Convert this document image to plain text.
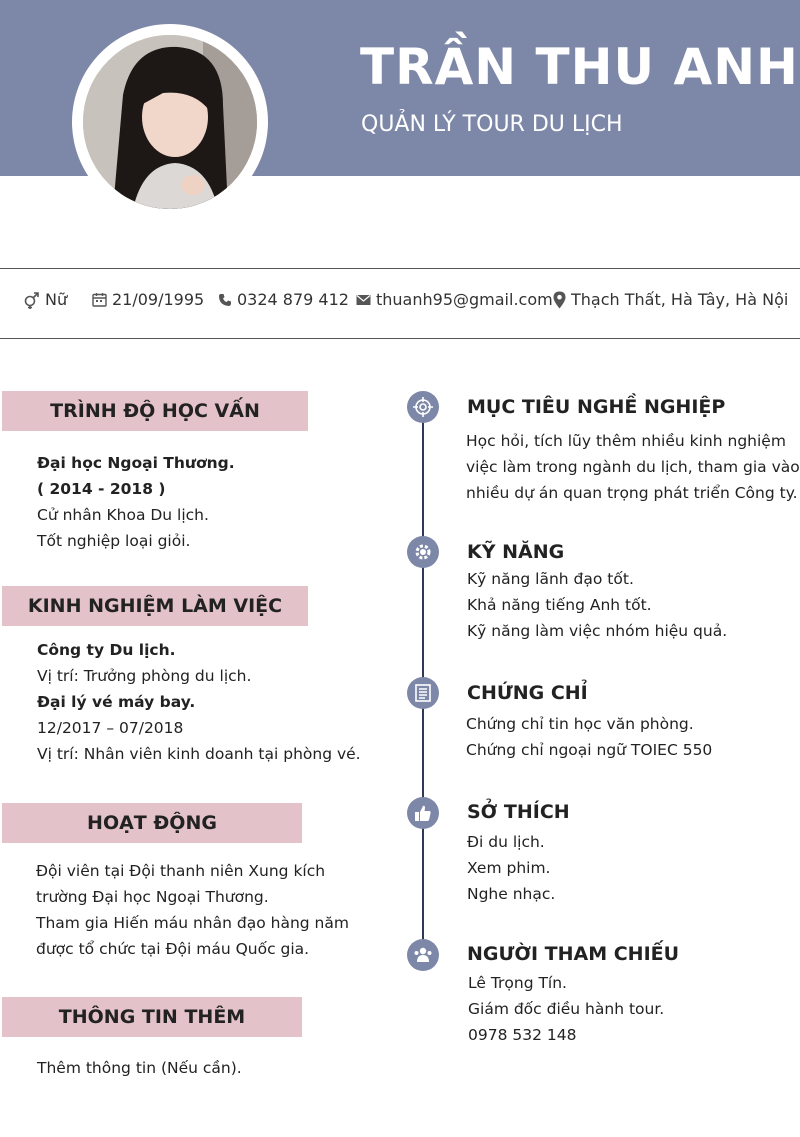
TRẦN THU ANH
QUẢN LÝ TOUR DU LỊCH
Nữ	21/09/1995 0324 879 412 thuanh95@gmail.com Thạch Thất, Hà Tây, Hà Nội
TRÌNH ĐỘ HỌC VẤN
Đại học Ngoại Thương.
( 2014 - 2018 )
Cử nhân Khoa Du lịch.
Tốt nghiệp loại giỏi.
KINH NGHIỆM LÀM VIỆC
Công ty Du lịch.
Vị trí: Trưởng phòng du lịch.
Đại lý vé máy bay.
12/2017 – 07/2018
Vị trí: Nhân viên kinh doanh tại phòng vé.
HOẠT ĐỘNG
Đội viên tại Đội thanh niên Xung kích
trường Đại học Ngoại Thương.
Tham gia Hiến máu nhân đạo hàng năm
được tổ chức tại Đội máu Quốc gia.
THÔNG TIN THÊM
Thêm thông tin (Nếu cần).
MỤC TIÊU NGHỀ NGHIỆP
Học hỏi, tích lũy thêm nhiều kinh nghiệm
việc làm trong ngành du lịch, tham gia vào
nhiều dự án quan trọng phát triển Công ty.
KỸ NĂNG
Kỹ năng lãnh đạo tốt.
Khả năng tiếng Anh tốt.
Kỹ năng làm việc nhóm hiệu quả.
CHỨNG CHỈ
Chứng chỉ tin học văn phòng.
Chứng chỉ ngoại ngữ TOIEC 550
SỞ THÍCH
Đi du lịch.
Xem phim.
Nghe nhạc.
NGƯỜI THAM CHIẾU
Lê Trọng Tín.
Giám đốc điều hành tour.
0978 532 148
